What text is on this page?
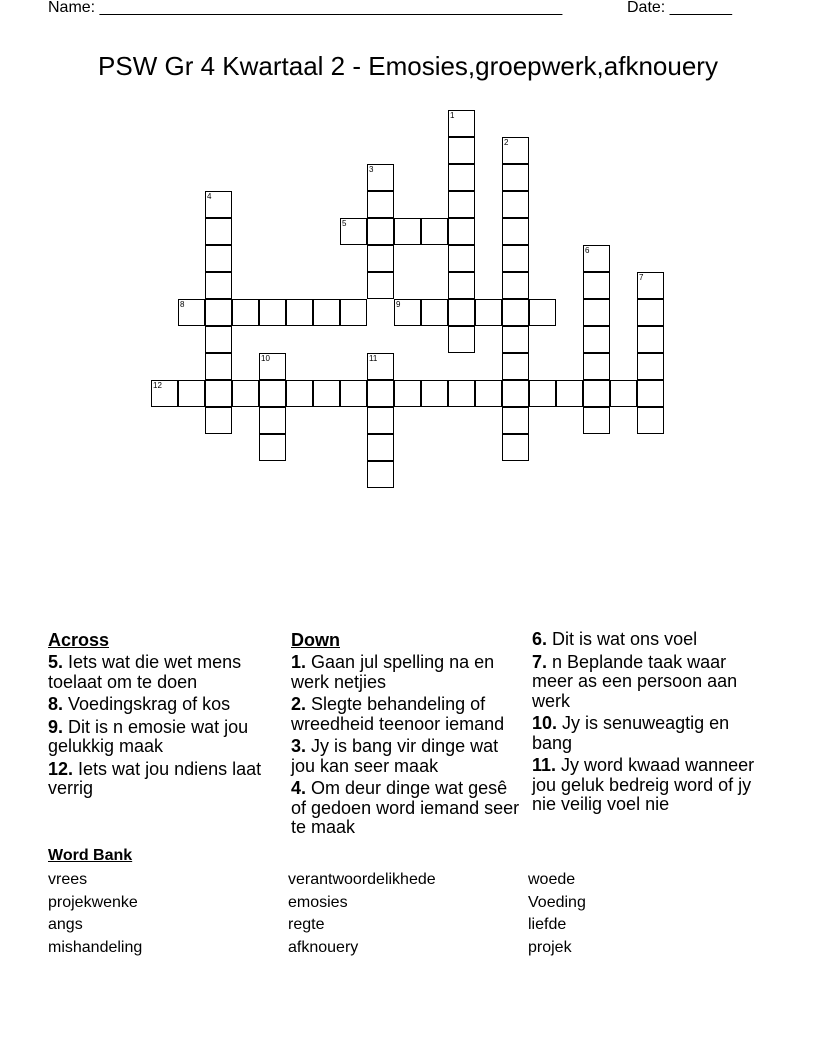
Name: ____________________________________________________	Date: _______
PSW Gr 4 Kwartaal 2 - Emosies,groepwerk,afknouery
1
2
3
4
5
6
7
8	9
10	11
12
Across
5. Iets wat die wet mens toelaat om te doen
8. Voedingskrag of kos
9. Dit is n emosie wat jou gelukkig maak
12. Iets wat jou ndiens laat verrig
Down
1. Gaan jul spelling na en werk netjies
2. Slegte behandeling of wreedheid teenoor iemand
3. Jy is bang vir dinge wat jou kan seer maak
4. Om deur dinge wat gesê of gedoen word iemand seer te maak
6. Dit is wat ons voel
7. n Beplande taak waar meer as een persoon aan werk
10. Jy is senuweagtig en bang
11. Jy word kwaad wanneer jou geluk bedreig word of jy nie veilig voel nie
Word Bank
vrees
projekwenke
angs
mishandeling
verantwoordelikhede
emosies
regte
afknouery
woede
Voeding
liefde
projek
